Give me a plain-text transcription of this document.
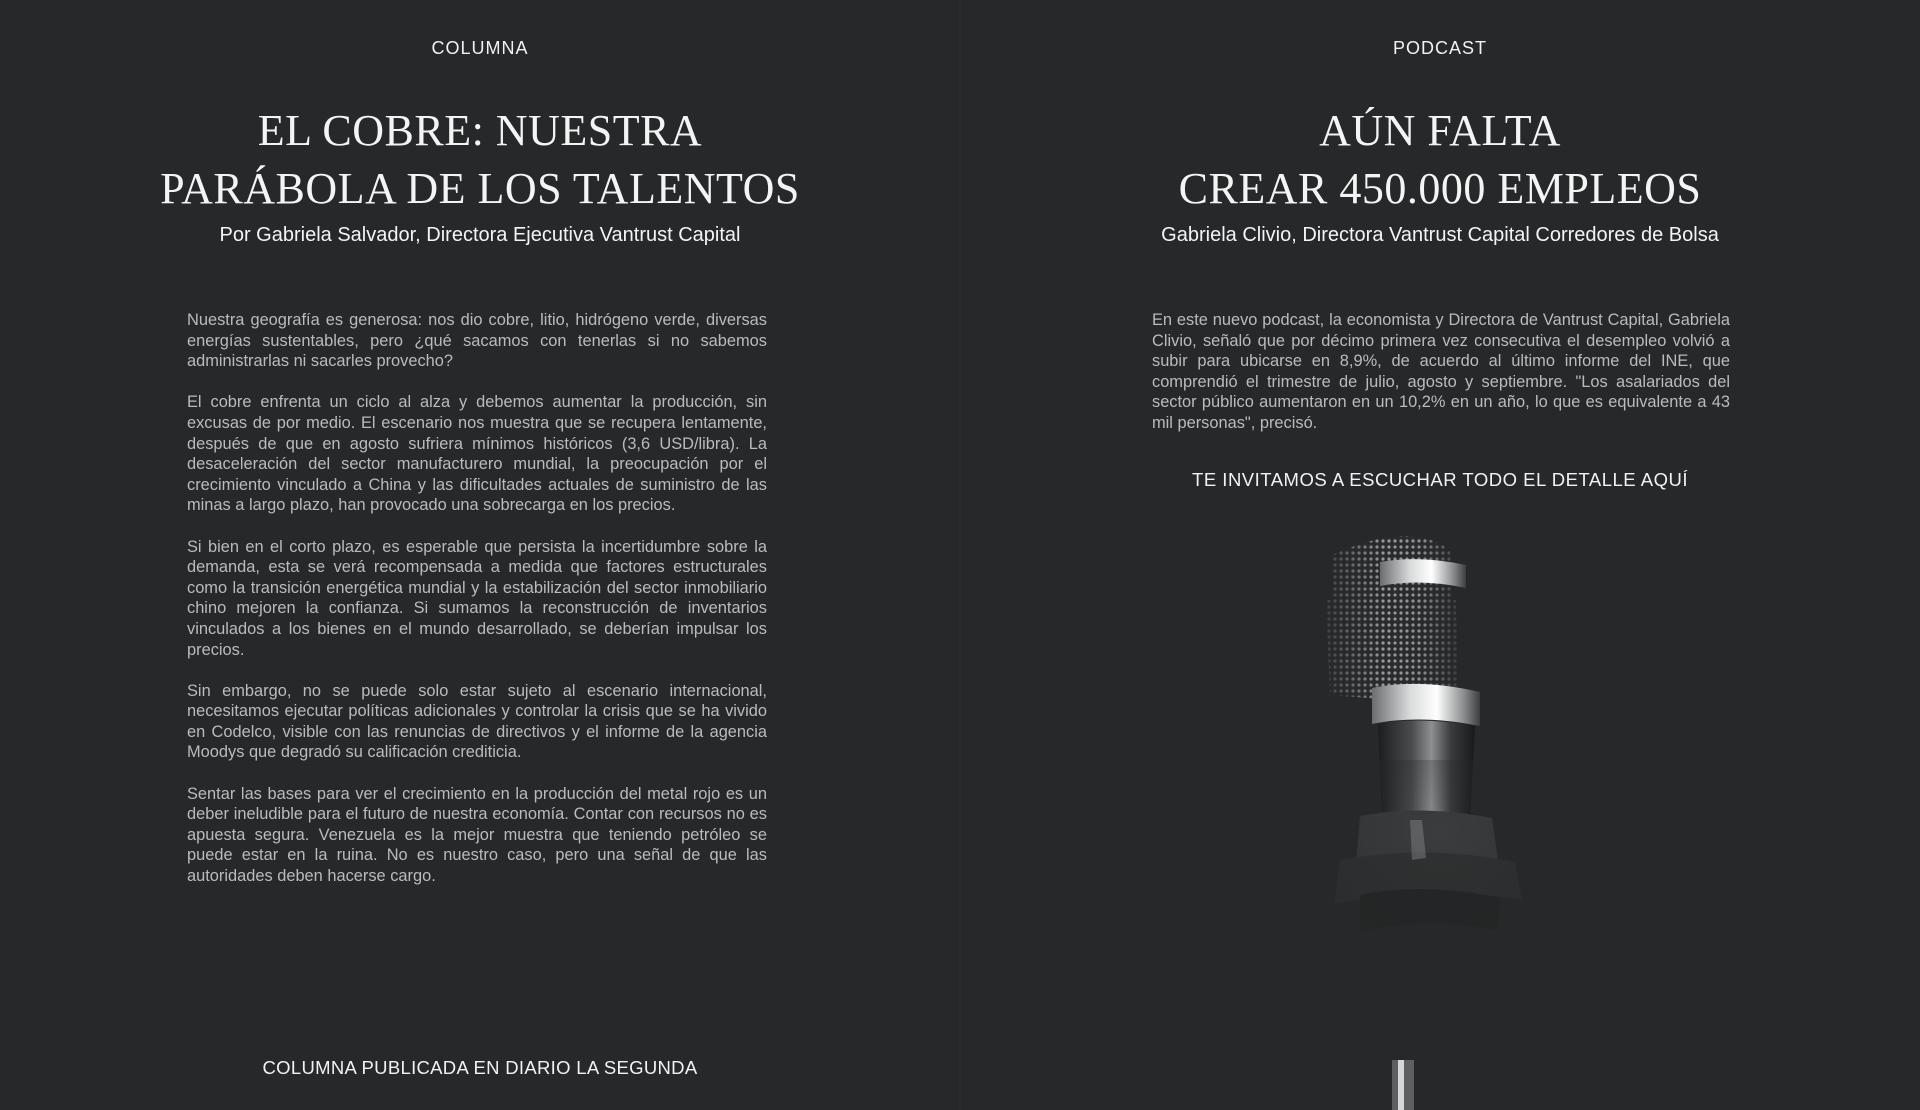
COLUMNA
EL COBRE: NUESTRA
PARÁBOLA DE LOS TALENTOS
Por Gabriela Salvador, Directora Ejecutiva Vantrust Capital

Nuestra geografía es generosa: nos dio cobre, litio, hidrógeno verde, diversas energías sustentables, pero ¿qué sacamos con tenerlas si no sabemos administrarlas ni sacarles provecho?

El cobre enfrenta un ciclo al alza y debemos aumentar la producción, sin excusas de por medio. El escenario nos muestra que se recupera lentamente, después de que en agosto sufriera mínimos históricos (3,6 USD/libra). La desaceleración del sector manufacturero mundial, la preocupación por el crecimiento vinculado a China y las dificultades actuales de suministro de las minas a largo plazo, han provocado una sobrecarga en los precios.

Si bien en el corto plazo, es esperable que persista la incertidumbre sobre la demanda, esta se verá recompensada a medida que factores estructurales como la transición energética mundial y la estabilización del sector inmobiliario chino mejoren la confianza. Si sumamos la reconstrucción de inventarios vinculados a los bienes en el mundo desarrollado, se deberían impulsar los precios.

Sin embargo, no se puede solo estar sujeto al escenario internacional, necesitamos ejecutar políticas adicionales y controlar la crisis que se ha vivido en Codelco, visible con las renuncias de directivos y el informe de la agencia Moodys que degradó su calificación crediticia.

Sentar las bases para ver el crecimiento en la producción del metal rojo es un deber ineludible para el futuro de nuestra economía. Contar con recursos no es apuesta segura. Venezuela es la mejor muestra que teniendo petróleo se puede estar en la ruina. No es nuestro caso, pero una señal de que las autoridades deben hacerse cargo.

COLUMNA PUBLICADA EN DIARIO LA SEGUNDA
PODCAST
AÚN FALTA
CREAR 450.000 EMPLEOS
Gabriela Clivio, Directora Vantrust Capital Corredores de Bolsa

En este nuevo podcast, la economista y Directora de Vantrust Capital, Gabriela Clivio, señaló que por décimo primera vez consecutiva el desempleo volvió a subir para ubicarse en 8,9%, de acuerdo al último informe del INE, que comprendió el trimestre de julio, agosto y septiembre. "Los asalariados del sector público aumentaron en un 10,2% en un año, lo que es equivalente a 43 mil personas", precisó.

TE INVITAMOS A ESCUCHAR TODO EL DETALLE AQUÍ
